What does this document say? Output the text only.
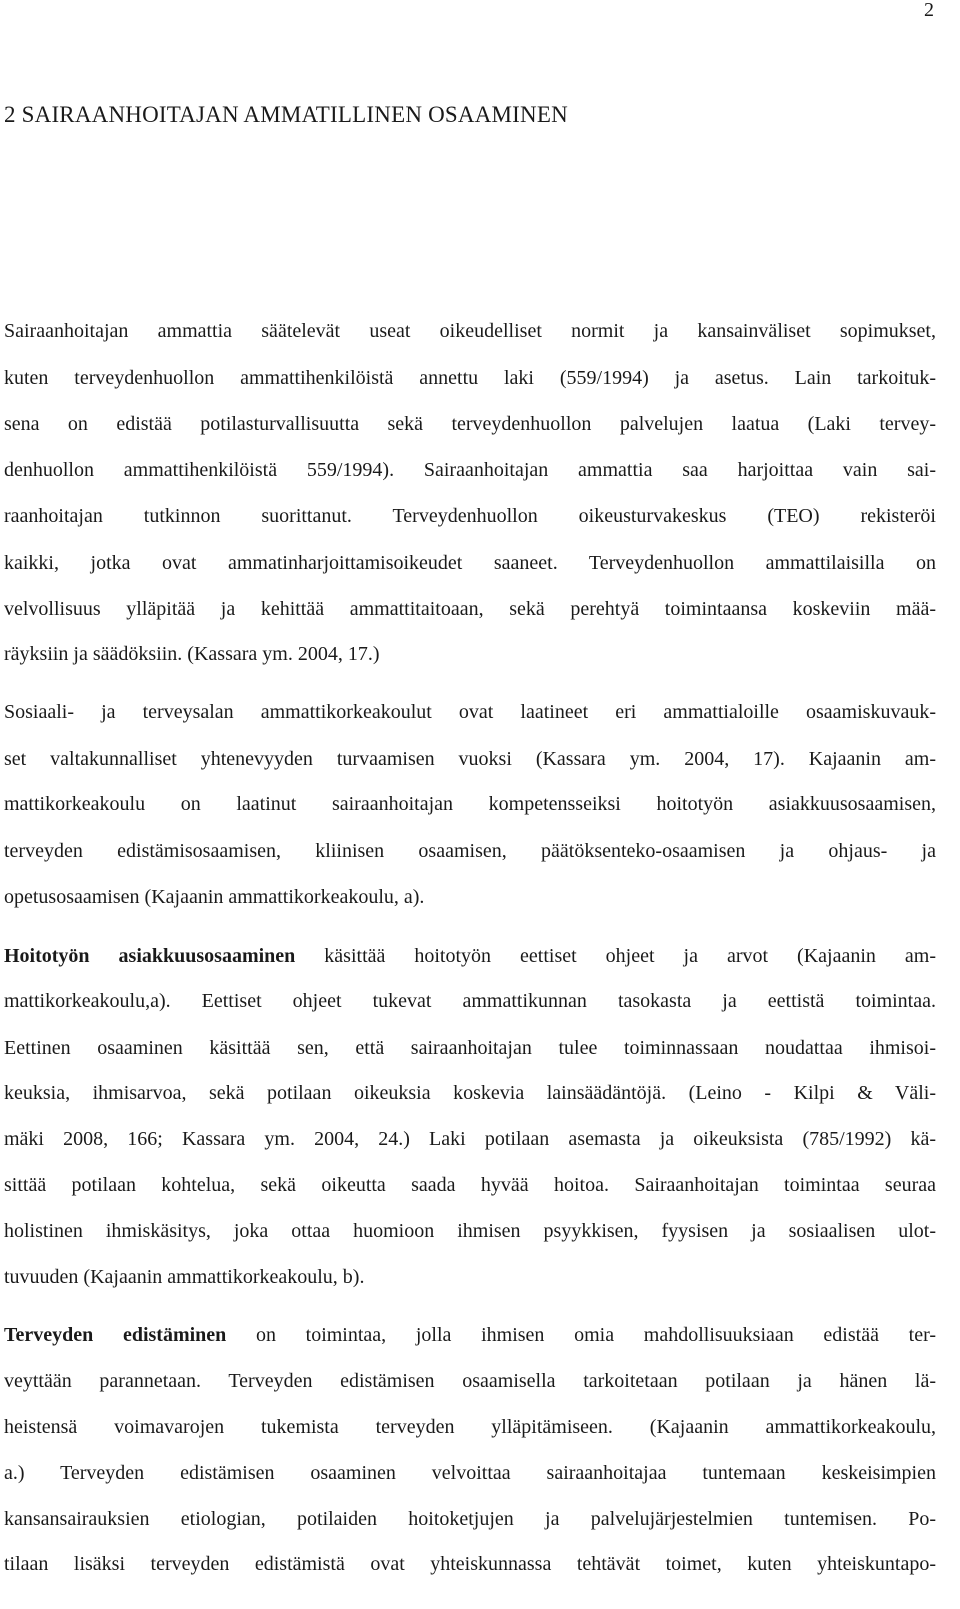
2
2 SAIRAANHOITAJAN AMMATILLINEN OSAAMINEN
Sairaanhoitajan ammattia säätelevät useat oikeudelliset normit ja kansainväliset sopimukset,
kuten terveydenhuollon ammattihenkilöistä annettu laki (559/1994) ja asetus. Lain tarkoituk-
sena on edistää potilasturvallisuutta sekä terveydenhuollon palvelujen laatua (Laki tervey-
denhuollon ammattihenkilöistä 559/1994). Sairaanhoitajan ammattia saa harjoittaa vain sai-
raanhoitajan tutkinnon suorittanut. Terveydenhuollon oikeusturvakeskus (TEO) rekisteröi
kaikki, jotka ovat ammatinharjoittamisoikeudet saaneet. Terveydenhuollon ammattilaisilla on
velvollisuus ylläpitää ja kehittää ammattitaitoaan, sekä perehtyä toimintaansa koskeviin mää-
räyksiin ja säädöksiin. (Kassara ym. 2004, 17.)
Sosiaali- ja terveysalan ammattikorkeakoulut ovat laatineet eri ammattialoille osaamiskuvauk-
set valtakunnalliset yhtenevyyden turvaamisen vuoksi (Kassara ym. 2004, 17). Kajaanin am-
mattikorkeakoulu on laatinut sairaanhoitajan kompetensseiksi hoitotyön asiakkuusosaamisen,
terveyden edistämisosaamisen, kliinisen osaamisen, päätöksenteko-osaamisen ja ohjaus- ja
opetusosaamisen (Kajaanin ammattikorkeakoulu, a).
Hoitotyön asiakkuusosaaminen käsittää hoitotyön eettiset ohjeet ja arvot (Kajaanin am-
mattikorkeakoulu,a). Eettiset ohjeet tukevat ammattikunnan tasokasta ja eettistä toimintaa.
Eettinen osaaminen käsittää sen, että sairaanhoitajan tulee toiminnassaan noudattaa ihmisoi-
keuksia, ihmisarvoa, sekä potilaan oikeuksia koskevia lainsäädäntöjä. (Leino - Kilpi & Väli-
mäki 2008, 166; Kassara ym. 2004, 24.) Laki potilaan asemasta ja oikeuksista (785/1992) kä-
sittää potilaan kohtelua, sekä oikeutta saada hyvää hoitoa. Sairaanhoitajan toimintaa seuraa
holistinen ihmiskäsitys, joka ottaa huomioon ihmisen psyykkisen, fyysisen ja sosiaalisen ulot-
tuvuuden (Kajaanin ammattikorkeakoulu, b).
Terveyden edistäminen on toimintaa, jolla ihmisen omia mahdollisuuksiaan edistää ter-
veyttään parannetaan. Terveyden edistämisen osaamisella tarkoitetaan potilaan ja hänen lä-
heistensä voimavarojen tukemista terveyden ylläpitämiseen. (Kajaanin ammattikorkeakoulu,
a.) Terveyden edistämisen osaaminen velvoittaa sairaanhoitajaa tuntemaan keskeisimpien
kansansairauksien etiologian, potilaiden hoitoketjujen ja palvelujärjestelmien tuntemisen. Po-
tilaan lisäksi terveyden edistämistä ovat yhteiskunnassa tehtävät toimet, kuten yhteiskuntapo-
